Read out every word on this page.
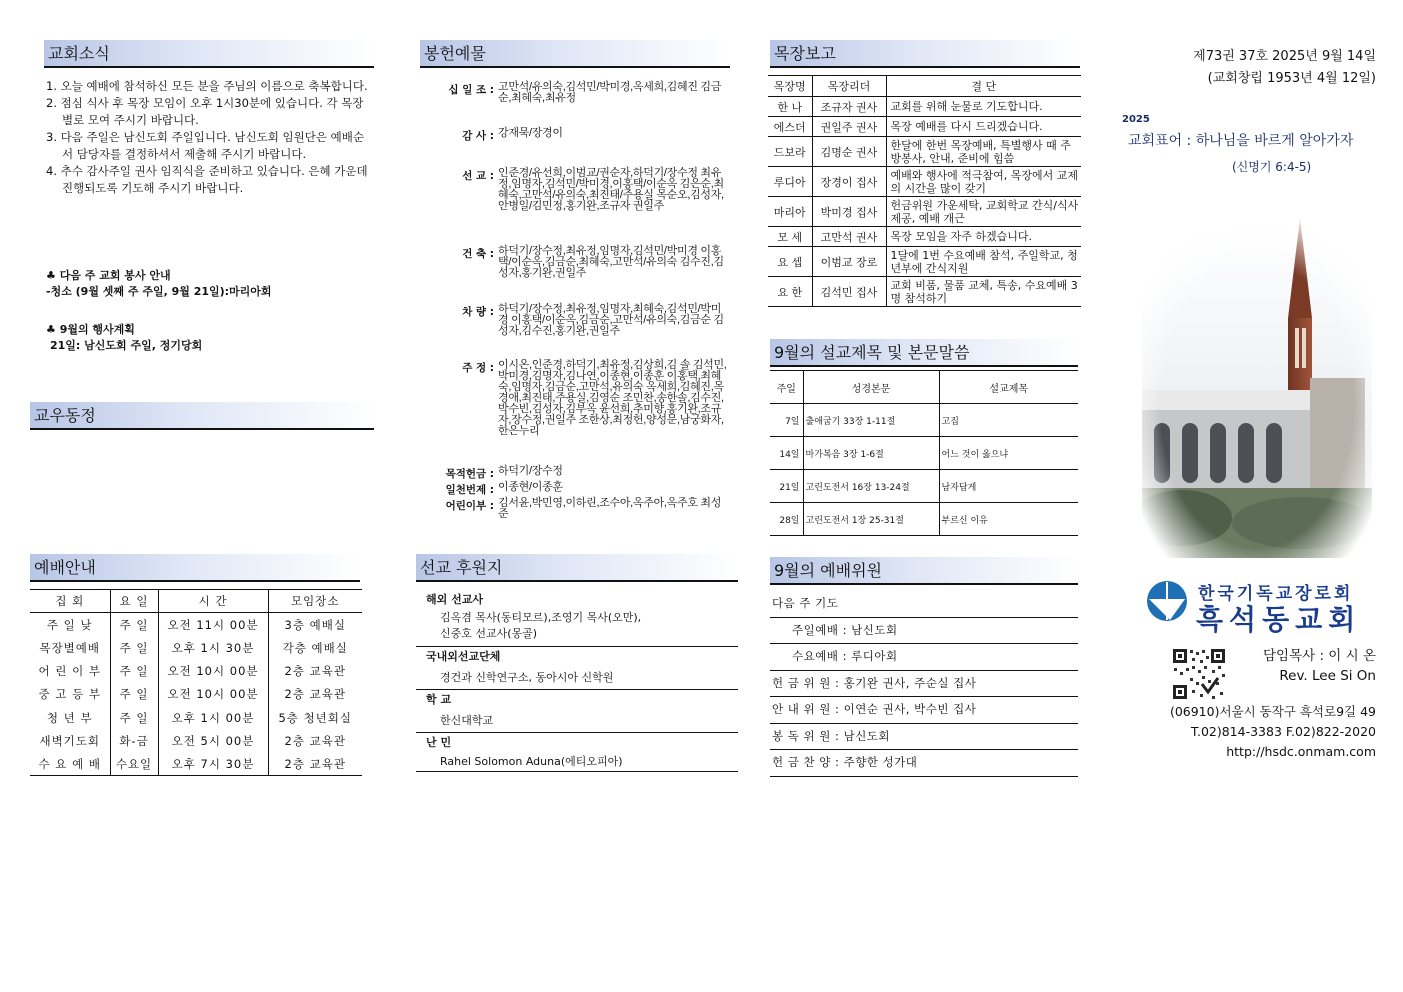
교회소식

1. 오늘 예배에 참석하신 모든 분을 주님의 이름으로 축복합니다.

2. 점심 식사 후 목장 모임이 오후 1시30분에 있습니다. 각 목장별로 모여 주시기 바랍니다.

3. 다음 주일은 남신도회 주일입니다. 남신도회 임원단은 예배순서 담당자를 결정하셔서 제출해 주시기 바랍니다.

4. 추수 감사주일 권사 임직식을 준비하고 있습니다. 은혜 가운데 진행되도록 기도해 주시기 바랍니다.

♣ 다음 주 교회 봉사 안내
-청소 (9월 셋째 주 주일, 9월 21일):마리아회
♣ 9월의 행사계획
21일: 남신도회 주일, 정기당회
교우동정
예배안내
집 회	요 일	시 간	모임장소
주 일 낮	주 일	오전 11시 00분	3층 예배실
목장별예배	주 일	오후 1시 30분	각층 예배실
어 린 이 부	주 일	오전 10시 00분	2층 교육관
중 고 등 부	주 일	오전 10시 00분	2층 교육관
청 년 부	주 일	오후 1시 00분	5층 청년회실
새벽기도회	화-금	오전 5시 00분	2층 교육관
수 요 예 배	수요일	오후 7시 30분	2층 교육관
봉헌예물
십 일 조 : 고만석/유의숙,김석민/박미경,옥세희,김혜진 김금순,최혜숙,최유정
감 사 : 강재묵/장경이
선 교 : 인준경/유선희,이범교/권순자,하덕기/장수정 최유정,임명자,김석민/박미경,이홍택/이순옥 김은순,최혜숙,고만석/유의숙,최진태/주용실 목순오,김성자,안병일/김민정,홍기완,조규자 권일주
건 축 : 하덕기/장수정,최유정,임명자,김석민/박미경 이홍택/이순옥,김금순,최혜숙,고만석/유의숙 김수진,김성자,홍기완,권일주
차 량 : 하덕기/장수정,최유정,임명자,최혜숙,김석민/박미경 이홍택/이순옥,김금순,고만석/유의숙,김금순 김성자,김수진,홍기완,권일주
주 정 : 이시온,인준경,하덕기,최유정,김상희,김 솔 김석민,박미경,김명자,김나연,이종현,이종훈 이홍택,최혜숙,임명자,김금순,고만석,유의숙 옥세희,김혜진,목경애,최진태,주용실,김영순 조민찬,송한솔,김수진,박수빈,김성자,김부옥 윤선희,추미향,홍기완,조규자,장수정,권일주 조한상,최정헌,양성문,남궁화자,한은누리
목적헌금 : 하덕기/장수정
일천번제 : 이종현/이종훈
어린이부 : 김서윤,박민영,이하린,조수아,옥주아,옥주호 최성준
선교 후원지
해외 선교사
김옥겸 목사(동티모르),조영기 목사(오만),
신중호 선교사(몽골)
국내외선교단체
경건과 신학연구소, 동아시아 신학원
학 교
한신대학교
난 민
Rahel Solomon Aduna(에티오피아)
목장보고
목장명	목장리더	결 단
한 나	조규자 권사	교회를 위해 눈물로 기도합니다.
에스더	권일주 권사	목장 예배를 다시 드리겠습니다.
드보라	김명순 권사	한달에 한번 목장예배, 특별행사 때 주방봉사, 안내, 준비에 힘씀
루디아	장경이 집사	예배와 행사에 적극참여, 목장에서 교제의 시간을 많이 갖기
마리아	박미경 집사	헌금위원 가운세탁, 교회학교 간식/식사 제공, 예배 개근
모 세	고만석 권사	목장 모임을 자주 하겠습니다.
요 셉	이범교 장로	1달에 1번 수요예배 참석, 주일학교, 청년부에 간식지원
요 한	김석민 집사	교회 비품, 물품 교체, 특송, 수요예배 3명 참석하기
9월의 설교제목 및 본문말씀
주일	성경본문	설교제목
7일	출애굽기 33장 1-11절	고집
14일	마가복음 3장 1-6절	어느 것이 옳으냐
21일	고린도전서 16장 13-24절	남자답게
28일	고린도전서 1장 25-31절	부르신 이유
9월의 예배위원
다음 주 기도
주일예배 : 남신도회
수요예배 : 루디아회
헌 금 위 원 : 홍기완 권사, 주순실 집사
안 내 위 원 : 이연순 권사, 박수빈 집사
봉 독 위 원 : 남신도회
헌 금 찬 양 : 주향한 성가대
제73권 37호 2025년 9월 14일
(교회창립 1953년 4월 12일)
2025
교회표어 : 하나님을 바르게 알아가자
(신명기 6:4-5)
한국기독교장로회
흑석동교회
담임목사 : 이 시 온
Rev. Lee Si On
(06910)서울시 동작구 흑석로9길 49
T.02)814-3383 F.02)822-2020
http://hsdc.onmam.com
